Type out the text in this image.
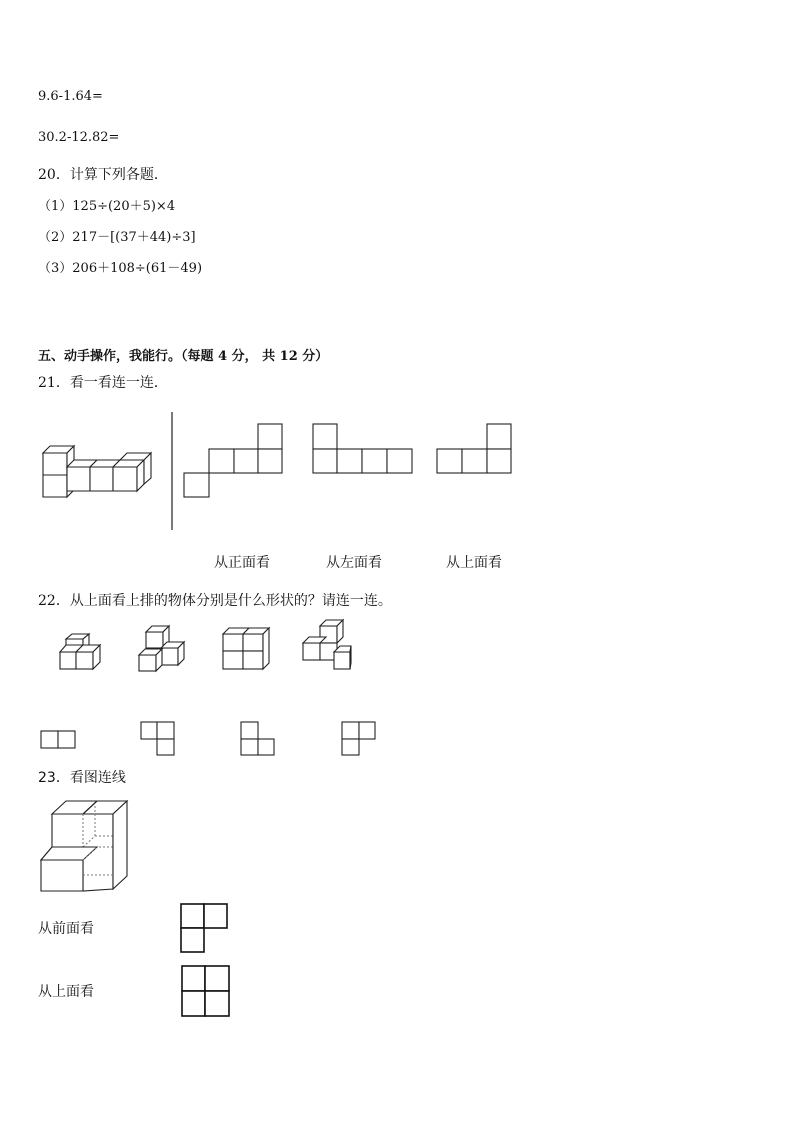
9.6-1.64=
30.2-12.82=
20．计算下列各题．
（1）125÷(20＋5)×4
（2）217－[(37＋44)÷3]
（3）206＋108÷(61－49)
五、动手操作，我能行。（每题 4 分， 共 12 分）
21．看一看连一连．
从正面看	从左面看	从上面看
22．从上面看上排的物体分别是什么形状的？请连一连。
23．看图连线
从前面看
从上面看
